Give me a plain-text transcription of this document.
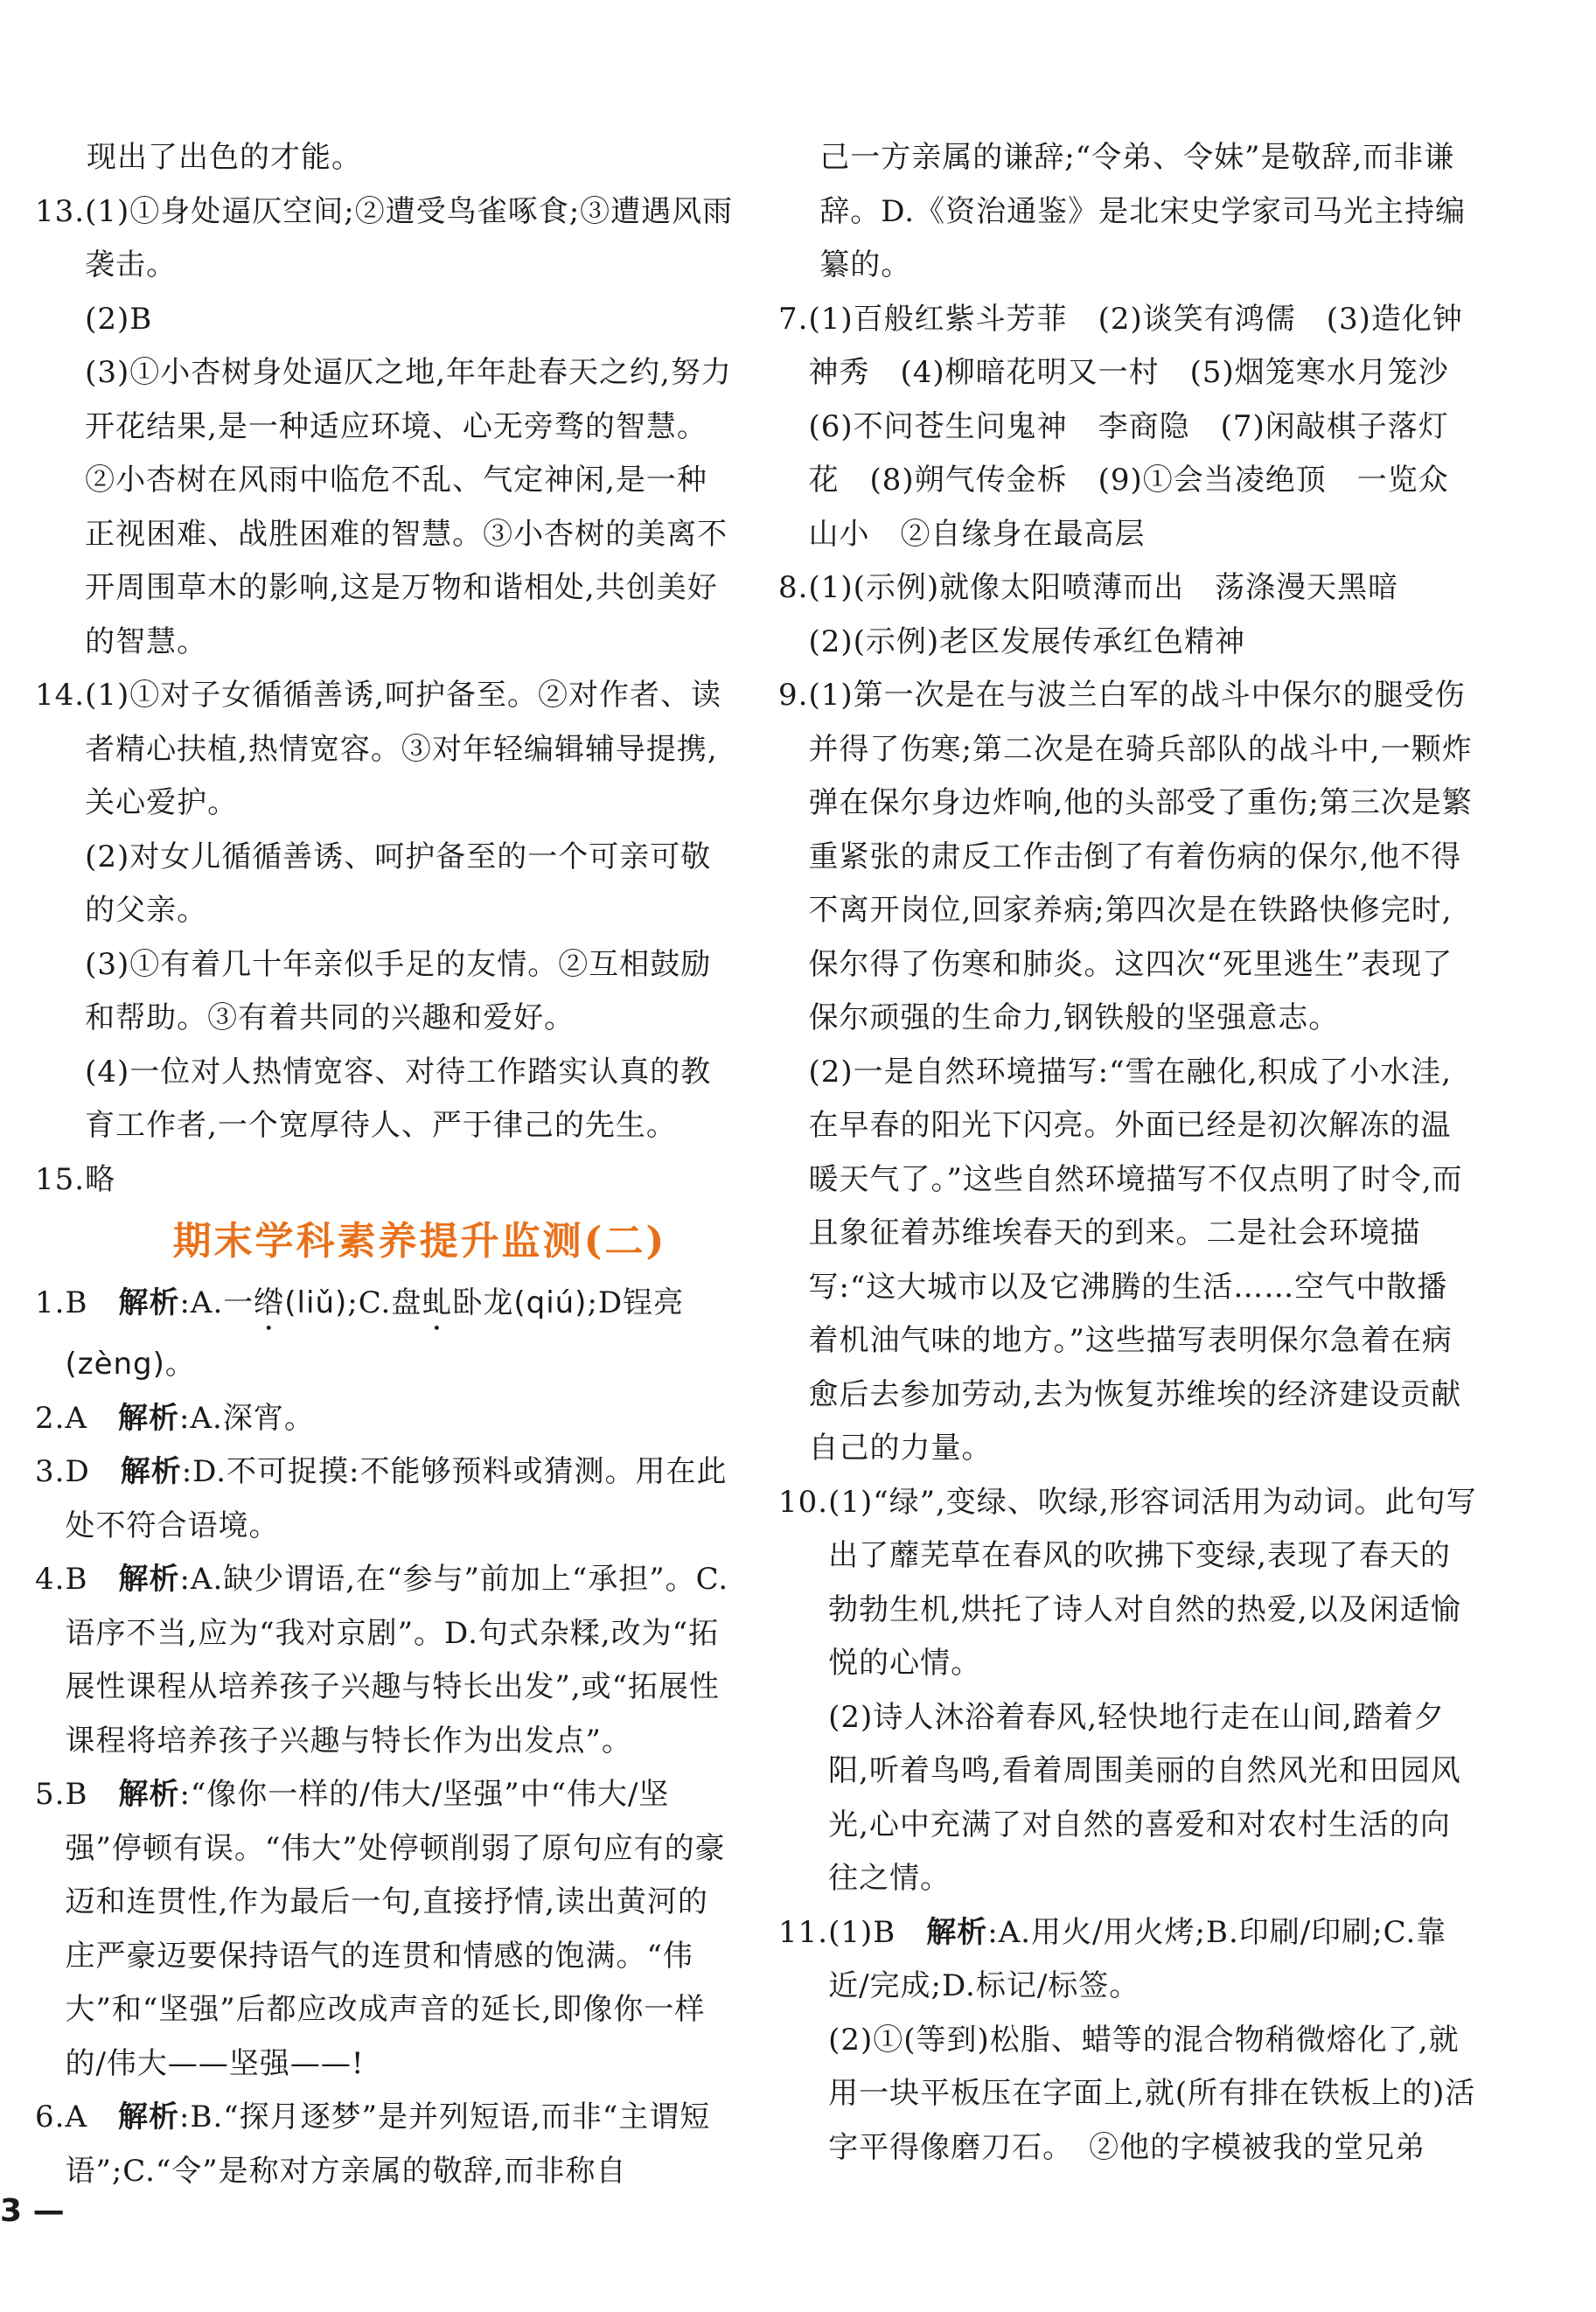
现出了出色的才能。
13. (1)①身处逼仄空间;②遭受鸟雀啄食;③遭遇风雨袭击。
(2)B
(3)①小杏树身处逼仄之地,年年赴春天之约,努力开花结果,是一种适应环境、心无旁骛的智慧。②小杏树在风雨中临危不乱、气定神闲,是一种正视困难、战胜困难的智慧。③小杏树的美离不开周围草木的影响,这是万物和谐相处,共创美好的智慧。
14. (1)①对子女循循善诱,呵护备至。②对作者、读者精心扶植,热情宽容。③对年轻编辑辅导提携,关心爱护。
(2)对女儿循循善诱、呵护备至的一个可亲可敬的父亲。
(3)①有着几十年亲似手足的友情。②互相鼓励和帮助。③有着共同的兴趣和爱好。
(4)一位对人热情宽容、对待工作踏实认真的教育工作者,一个宽厚待人、严于律己的先生。
15. 略
期末学科素养提升监测(二)
1. B　 解析:A.一绺(liǔ);C.盘虬卧龙(qiú);D锃亮(zèng)。
2. A　 解析:A.深宵。
3. D　 解析:D.不可捉摸:不能够预料或猜测。用在此处不符合语境。
4. B　 解析:A.缺少谓语,在“参与”前加上“承担”。C.语序不当,应为“我对京剧”。D.句式杂糅,改为“拓展性课程从培养孩子兴趣与特长出发”,或“拓展性课程将培养孩子兴趣与特长作为出发点”。
5. B　 解析:“像你一样的/伟大/坚强”中“伟大/坚强”停顿有误。“伟大”处停顿削弱了原句应有的豪迈和连贯性,作为最后一句,直接抒情,读出黄河的庄严豪迈要保持语气的连贯和情感的饱满。“伟大”和“坚强”后都应改成声音的延长,即像你一样的/伟大——坚强——!
6. A　 解析:B.“探月逐梦”是并列短语,而非“主谓短语”;C.“令”是称对方亲属的敬辞,而非称自

己一方亲属的谦辞;“令弟、令妹”是敬辞,而非谦辞。D.《资治通鉴》是北宋史学家司马光主持编纂的。
7. (1)百般红紫斗芳菲　(2)谈笑有鸿儒　(3)造化钟神秀　(4)柳暗花明又一村　(5)烟笼寒水月笼沙　(6)不问苍生问鬼神　李商隐　(7)闲敲棋子落灯花　(8)朔气传金柝　(9)①会当凌绝顶　一览众山小　②自缘身在最高层
8. (1)(示例)就像太阳喷薄而出　荡涤漫天黑暗
(2)(示例)老区发展传承红色精神
9. (1)第一次是在与波兰白军的战斗中保尔的腿受伤并得了伤寒;第二次是在骑兵部队的战斗中,一颗炸弹在保尔身边炸响,他的头部受了重伤;第三次是繁重紧张的肃反工作击倒了有着伤病的保尔,他不得不离开岗位,回家养病;第四次是在铁路快修完时,保尔得了伤寒和肺炎。这四次“死里逃生”表现了保尔顽强的生命力,钢铁般的坚强意志。
(2)一是自然环境描写:“雪在融化,积成了小水洼,在早春的阳光下闪亮。外面已经是初次解冻的温暖天气了。”这些自然环境描写不仅点明了时令,而且象征着苏维埃春天的到来。二是社会环境描写:“这大城市以及它沸腾的生活……空气中散播着机油气味的地方。”这些描写表明保尔急着在病愈后去参加劳动,去为恢复苏维埃的经济建设贡献自己的力量。
10. (1)“绿”,变绿、吹绿,形容词活用为动词。此句写出了蘼芜草在春风的吹拂下变绿,表现了春天的勃勃生机,烘托了诗人对自然的热爱,以及闲适愉悦的心情。
(2)诗人沐浴着春风,轻快地行走在山间,踏着夕阳,听着鸟鸣,看着周围美丽的自然风光和田园风光,心中充满了对自然的喜爱和对农村生活的向往之情。
11. (1)B　 解析:A.用火/用火烤;B.印刷/印刷;C.靠近/完成;D.标记/标签。
(2)①(等到)松脂、蜡等的混合物稍微熔化了,就用一块平板压在字面上,就(所有排在铁板上的)活字平得像磨刀石。　②他的字模被我的堂兄弟
3 —
